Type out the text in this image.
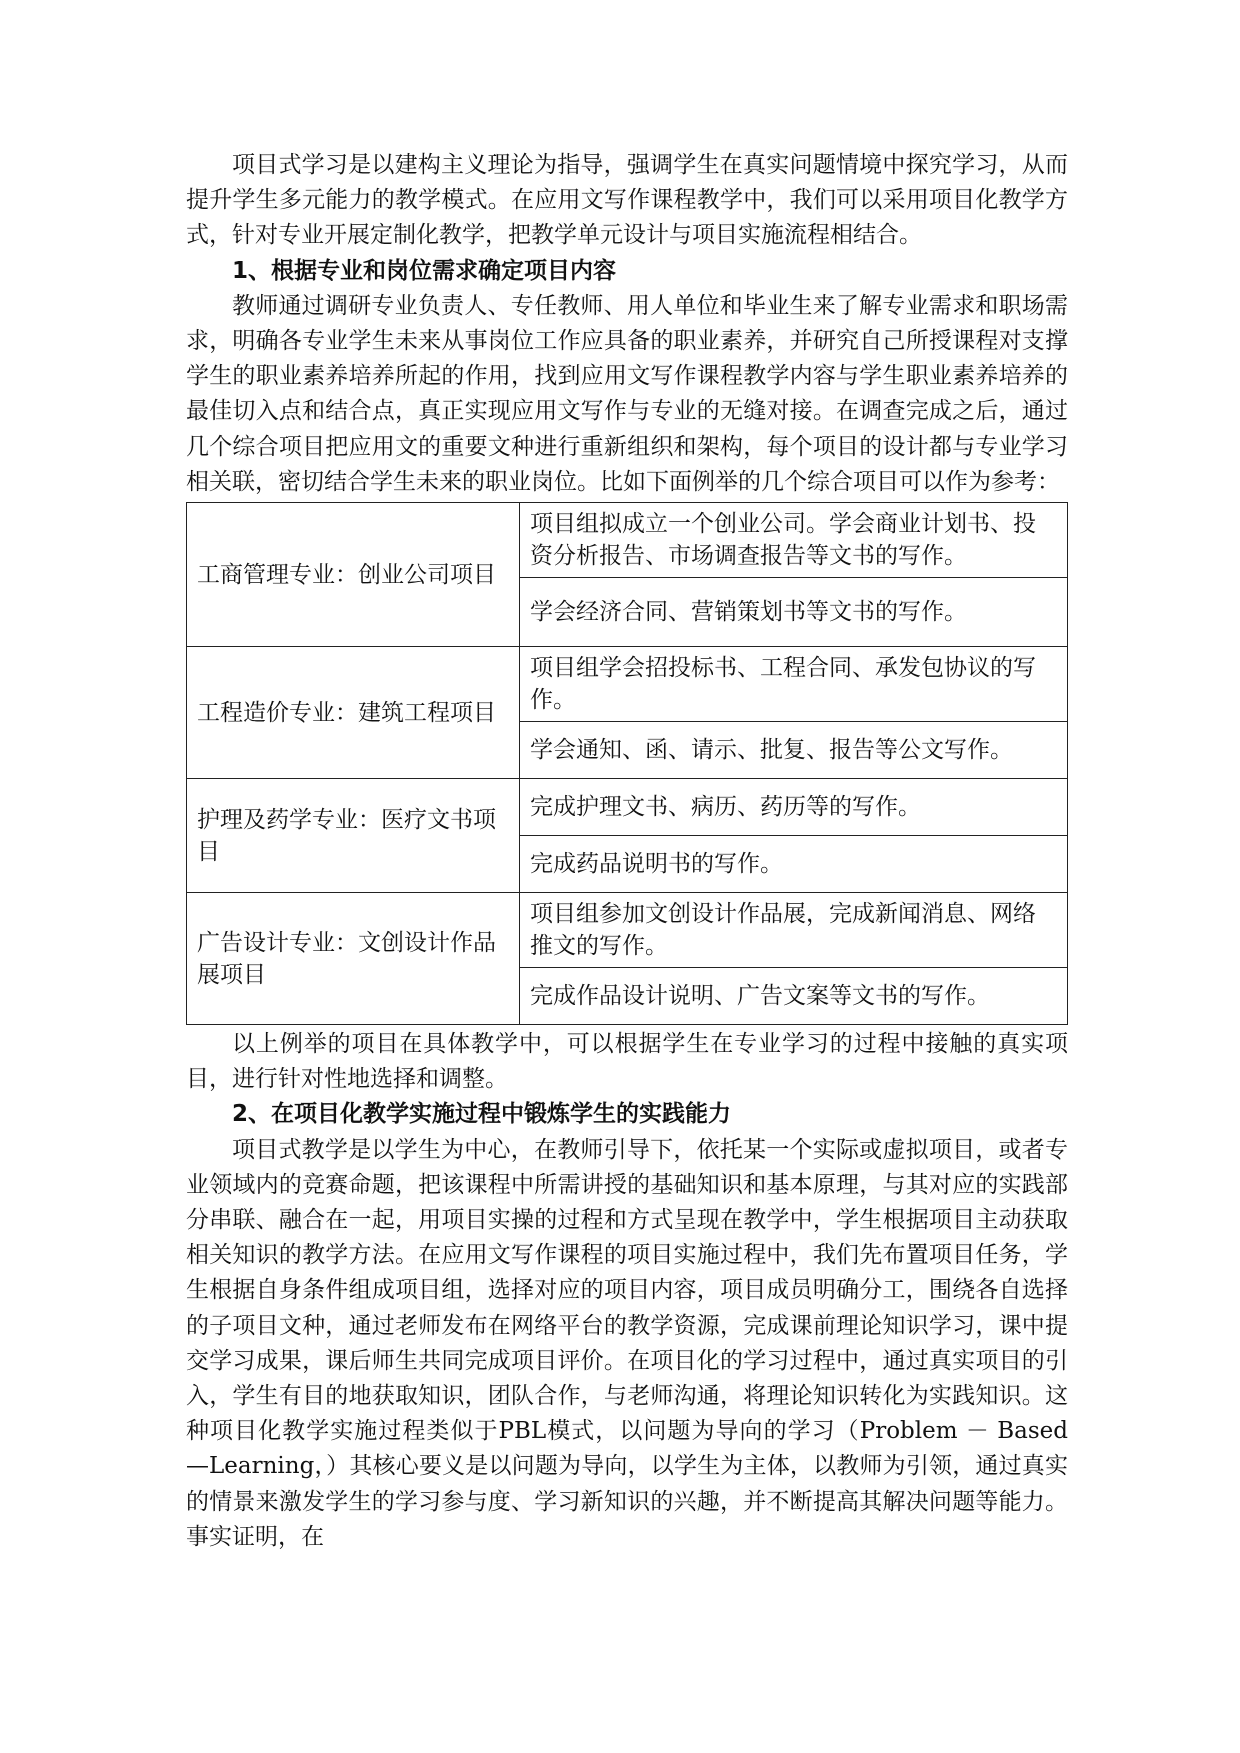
项目式学习是以建构主义理论为指导，强调学生在真实问题情境中探究学习，从而提升学生多元能力的教学模式。在应用文写作课程教学中，我们可以采用项目化教学方式，针对专业开展定制化教学，把教学单元设计与项目实施流程相结合。

1、根据专业和岗位需求确定项目内容

教师通过调研专业负责人、专任教师、用人单位和毕业生来了解专业需求和职场需求，明确各专业学生未来从事岗位工作应具备的职业素养，并研究自己所授课程对支撑学生的职业素养培养所起的作用，找到应用文写作课程教学内容与学生职业素养培养的最佳切入点和结合点，真正实现应用文写作与专业的无缝对接。在调查完成之后，通过几个综合项目把应用文的重要文种进行重新组织和架构，每个项目的设计都与专业学习相关联，密切结合学生未来的职业岗位。比如下面例举的几个综合项目可以作为参考：

工商管理专业：创业公司项目	项目组拟成立一个创业公司。学会商业计划书、投资分析报告、市场调查报告等文书的写作。
	学会经济合同、营销策划书等文书的写作。
工程造价专业：建筑工程项目	项目组学会招投标书、工程合同、承发包协议的写作。
	学会通知、函、请示、批复、报告等公文写作。
护理及药学专业：医疗文书项目	完成护理文书、病历、药历等的写作。
	完成药品说明书的写作。
广告设计专业：文创设计作品展项目	项目组参加文创设计作品展，完成新闻消息、网络推文的写作。
	完成作品设计说明、广告文案等文书的写作。

以上例举的项目在具体教学中，可以根据学生在专业学习的过程中接触的真实项目，进行针对性地选择和调整。

2、在项目化教学实施过程中锻炼学生的实践能力

项目式教学是以学生为中心，在教师引导下，依托某一个实际或虚拟项目，或者专业领域内的竞赛命题，把该课程中所需讲授的基础知识和基本原理，与其对应的实践部分串联、融合在一起，用项目实操的过程和方式呈现在教学中，学生根据项目主动获取相关知识的教学方法。在应用文写作课程的项目实施过程中，我们先布置项目任务，学生根据自身条件组成项目组，选择对应的项目内容，项目成员明确分工，围绕各自选择的子项目文种，通过老师发布在网络平台的教学资源，完成课前理论知识学习，课中提交学习成果，课后师生共同完成项目评价。在项目化的学习过程中，通过真实项目的引入，学生有目的地获取知识，团队合作，与老师沟通，将理论知识转化为实践知识。这种项目化教学实施过程类似于PBL模式，以问题为导向的学习（Problem － Based —Learning，）其核心要义是以问题为导向，以学生为主体，以教师为引领，通过真实的情景来激发学生的学习参与度、学习新知识的兴趣，并不断提高其解决问题等能力。事实证明，在
